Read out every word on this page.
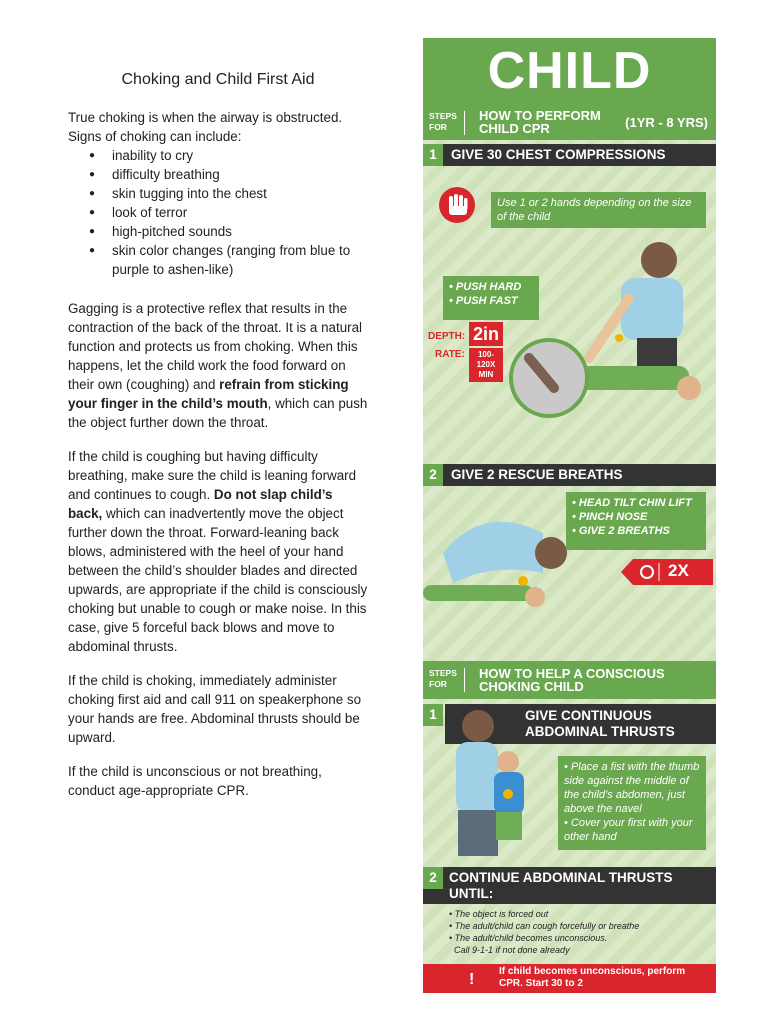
Choking and Child First Aid

True choking is when the airway is obstructed. Signs of choking can include:

● inability to cry
● difficulty breathing
● skin tugging into the chest
● look of terror
● high-pitched sounds
● skin color changes (ranging from blue to purple to ashen-like)

Gagging is a protective reflex that results in the contraction of the back of the throat. It is a natural function and protects us from choking. When this happens, let the child work the food forward on their own (coughing) and refrain from sticking your finger in the child’s mouth, which can push the object further down the throat.

If the child is coughing but having difficulty breathing, make sure the child is leaning forward and continues to cough. Do not slap child’s back, which can inadvertently move the object further down the throat. Forward-leaning back blows, administered with the heel of your hand between the child’s shoulder blades and directed upwards, are appropriate if the child is consciously choking but unable to cough or make noise. In this case, give 5 forceful back blows and move to abdominal thrusts.

If the child is choking, immediately administer choking first aid and call 911 on speakerphone so your hands are free. Abdominal thrusts should be upward.

If the child is unconscious or not breathing, conduct age-appropriate CPR.

CHILD
STEPS FOR
HOW TO PERFORM CHILD CPR	(1YR - 8 YRS)
1 GIVE 30 CHEST COMPRESSIONS
Use 1 or 2 hands depending on the size of the child
• PUSH HARD
• PUSH FAST
DEPTH: 2in
RATE:	100-120X MIN
2 GIVE 2 RESCUE BREATHS
• HEAD TILT CHIN LIFT
• PINCH NOSE
• GIVE 2 BREATHS
2X
STEPS FOR
HOW TO HELP A CONSCIOUS CHOKING CHILD
1	GIVE CONTINUOUS ABDOMINAL THRUSTS
• Place a fist with the thumb side against the middle of the child’s abdomen, just above the navel
• Cover your first with your other hand
2 CONTINUE ABDOMINAL THRUSTS UNTIL:
• The object is forced out
• The adult/child can cough forcefully or breathe
• The adult/child becomes unconscious.
Call 9-1-1 if not done already
! If child becomes unconscious, perform CPR. Start 30 to 2
